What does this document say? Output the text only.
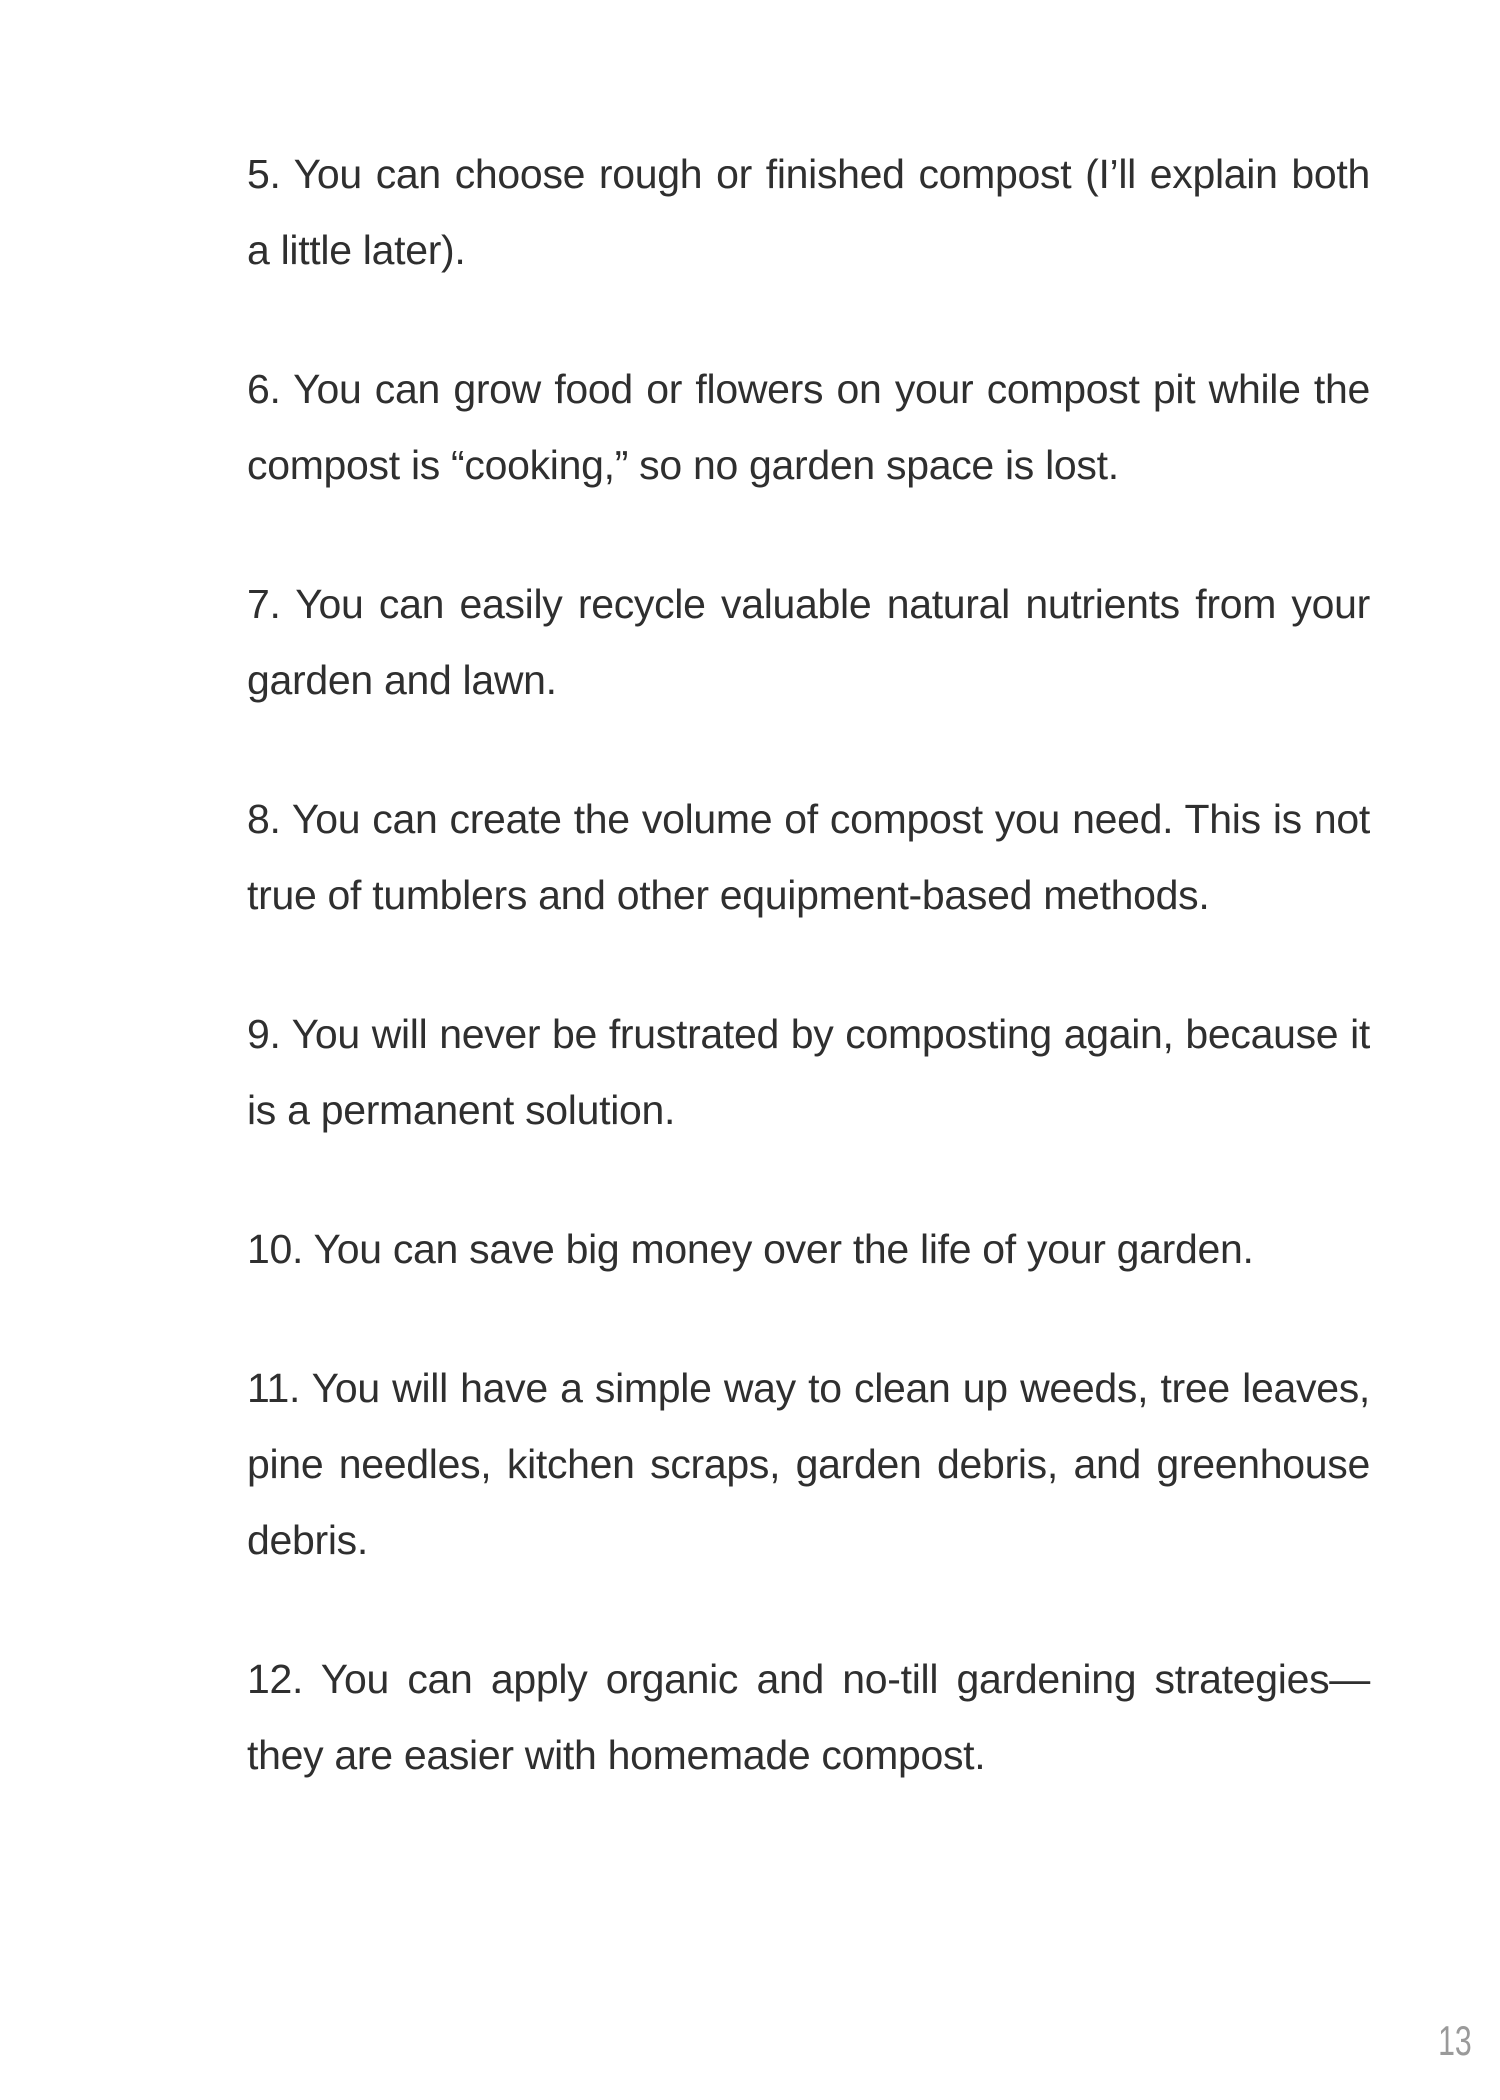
5. You can choose rough or finished compost (I’ll explain both a little later).

6. You can grow food or flowers on your compost pit while the compost is “cooking,” so no garden space is lost.

7. You can easily recycle valuable natural nutrients from your garden and lawn.

8. You can create the volume of compost you need. This is not true of tumblers and other equipment-based methods.

9. You will never be frustrated by composting again, because it is a permanent solution.

10. You can save big money over the life of your garden.

11. You will have a simple way to clean up weeds, tree leaves, pine needles, kitchen scraps, garden debris, and greenhouse debris.

12. You can apply organic and no-till gardening strategies—they are easier with homemade compost.

13
